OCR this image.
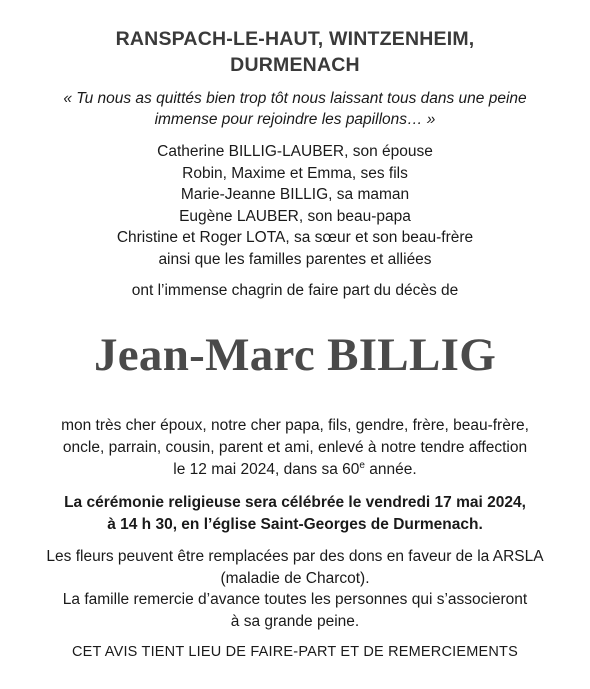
RANSPACH-LE-HAUT, WINTZENHEIM,
DURMENACH
« Tu nous as quittés bien trop tôt nous laissant tous dans une peine
immense pour rejoindre les papillons… »
Catherine BILLIG-LAUBER, son épouse
Robin, Maxime et Emma, ses fils
Marie-Jeanne BILLIG, sa maman
Eugène LAUBER, son beau-papa
Christine et Roger LOTA, sa sœur et son beau-frère
ainsi que les familles parentes et alliées
ont l’immense chagrin de faire part du décès de
Jean-Marc BILLIG
mon très cher époux, notre cher papa, fils, gendre, frère, beau-frère,
oncle, parrain, cousin, parent et ami, enlevé à notre tendre affection
le 12 mai 2024, dans sa 60e année.
La cérémonie religieuse sera célébrée le vendredi 17 mai 2024,
à 14 h 30, en l’église Saint-Georges de Durmenach.
Les fleurs peuvent être remplacées par des dons en faveur de la ARSLA
(maladie de Charcot).
La famille remercie d’avance toutes les personnes qui s’associeront
à sa grande peine.
CET AVIS TIENT LIEU DE FAIRE-PART ET DE REMERCIEMENTS
